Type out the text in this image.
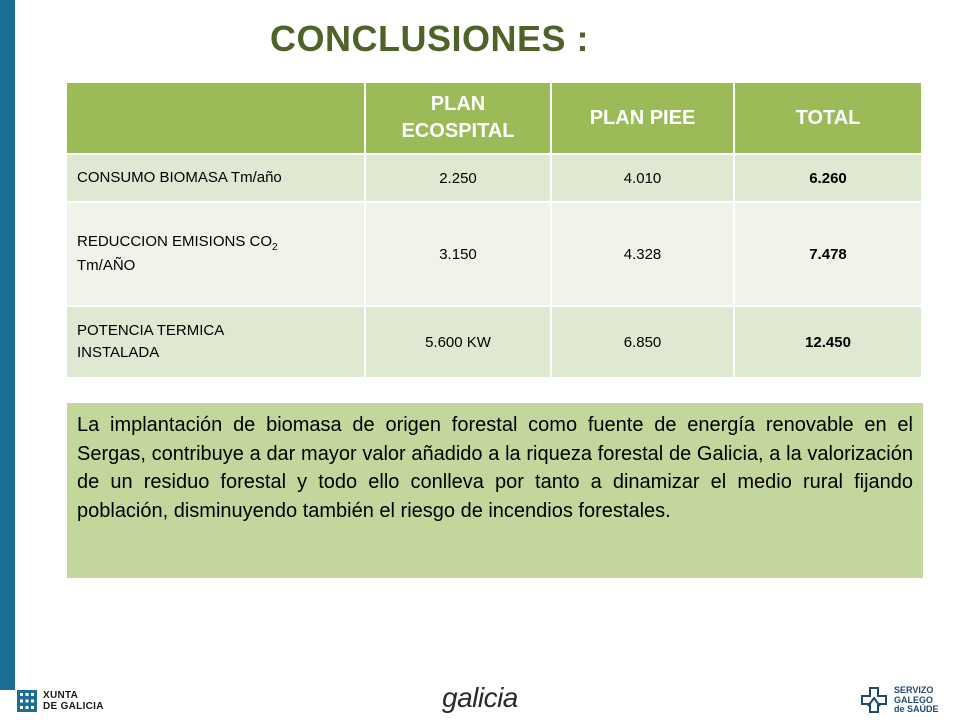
CONCLUSIONES :
	PLAN ECOSPITAL	PLAN PIEE	TOTAL
CONSUMO BIOMASA Tm/año	2.250	4.010	6.260
REDUCCION EMISIONS $CO_2$
Tm/AÑO	3.150	4.328	7.478
POTENCIA TERMICA INSTALADA	5.600 KW	6.850	12.450
La implantación de biomasa de origen forestal como fuente de energía renovable en el Sergas, contribuye a dar mayor valor añadido a la riqueza forestal de Galicia, a la valorización de un residuo forestal y todo ello conlleva por tanto a dinamizar el medio rural fijando población, disminuyendo también el riesgo de incendios forestales.
XUNTA
DE GALICIA	galicia	SERVIZO
GALEGO
de SAÚDE
